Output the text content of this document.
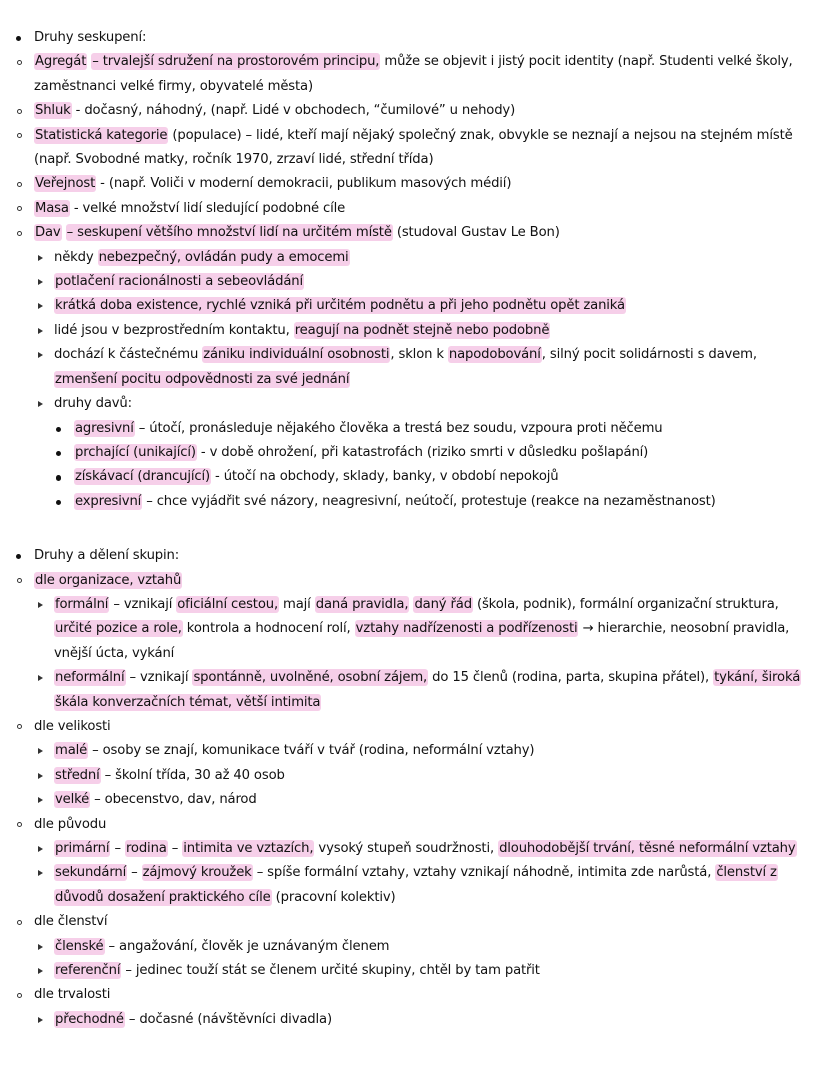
Druhy seskupení:
Agregát – trvalejší sdružení na prostorovém principu, může se objevit i jistý pocit identity (např. Studenti velké školy, zaměstnanci velké firmy, obyvatelé města)
Shluk - dočasný, náhodný, (např. Lidé v obchodech, “čumilové” u nehody)
Statistická kategorie (populace) – lidé, kteří mají nějaký společný znak, obvykle se neznají a nejsou na stejném místě (např. Svobodné matky, ročník 1970, zrzaví lidé, střední třída)
Veřejnost - (např. Voliči v moderní demokracii, publikum masových médií)
Masa - velké množství lidí sledující podobné cíle
Dav – seskupení většího množství lidí na určitém místě (studoval Gustav Le Bon)
někdy nebezpečný, ovládán pudy a emocemi
potlačení racionálnosti a sebeovládání
krátká doba existence, rychlé vzniká při určitém podnětu a při jeho podnětu opět zaniká
lidé jsou v bezprostředním kontaktu, reagují na podnět stejně nebo podobně
dochází k částečnému zániku individuální osobnosti, sklon k napodobování, silný pocit solidárnosti s davem, zmenšení pocitu odpovědnosti za své jednání
druhy davů:
agresivní – útočí, pronásleduje nějakého člověka a trestá bez soudu, vzpoura proti něčemu
prchající (unikající) - v době ohrožení, při katastrofách (riziko smrti v důsledku pošlapání)
získávací (drancující) - útočí na obchody, sklady, banky, v období nepokojů
expresivní – chce vyjádřit své názory, neagresivní, neútočí, protestuje (reakce na nezaměstnanost)
Druhy a dělení skupin:
dle organizace, vztahů
formální – vznikají oficiální cestou, mají daná pravidla, daný řád (škola, podnik), formální organizační struktura, určité pozice a role, kontrola a hodnocení rolí, vztahy nadřízenosti a podřízenosti → hierarchie, neosobní pravidla, vnější úcta, vykání
neformální – vznikají spontánně, uvolněné, osobní zájem, do 15 členů (rodina, parta, skupina přátel), tykání, široká škála konverzačních témat, větší intimita
dle velikosti
malé – osoby se znají, komunikace tváří v tvář (rodina, neformální vztahy)
střední – školní třída, 30 až 40 osob
velké – obecenstvo, dav, národ
dle původu
primární – rodina – intimita ve vztazích, vysoký stupeň soudržnosti, dlouhodobější trvání, těsné neformální vztahy
sekundární – zájmový kroužek – spíše formální vztahy, vztahy vznikají náhodně, intimita zde narůstá, členství z důvodů dosažení praktického cíle (pracovní kolektiv)
dle členství
členské – angažování, člověk je uznávaným členem
referenční – jedinec touží stát se členem určité skupiny, chtěl by tam patřit
dle trvalosti
přechodné – dočasné (návštěvníci divadla)
